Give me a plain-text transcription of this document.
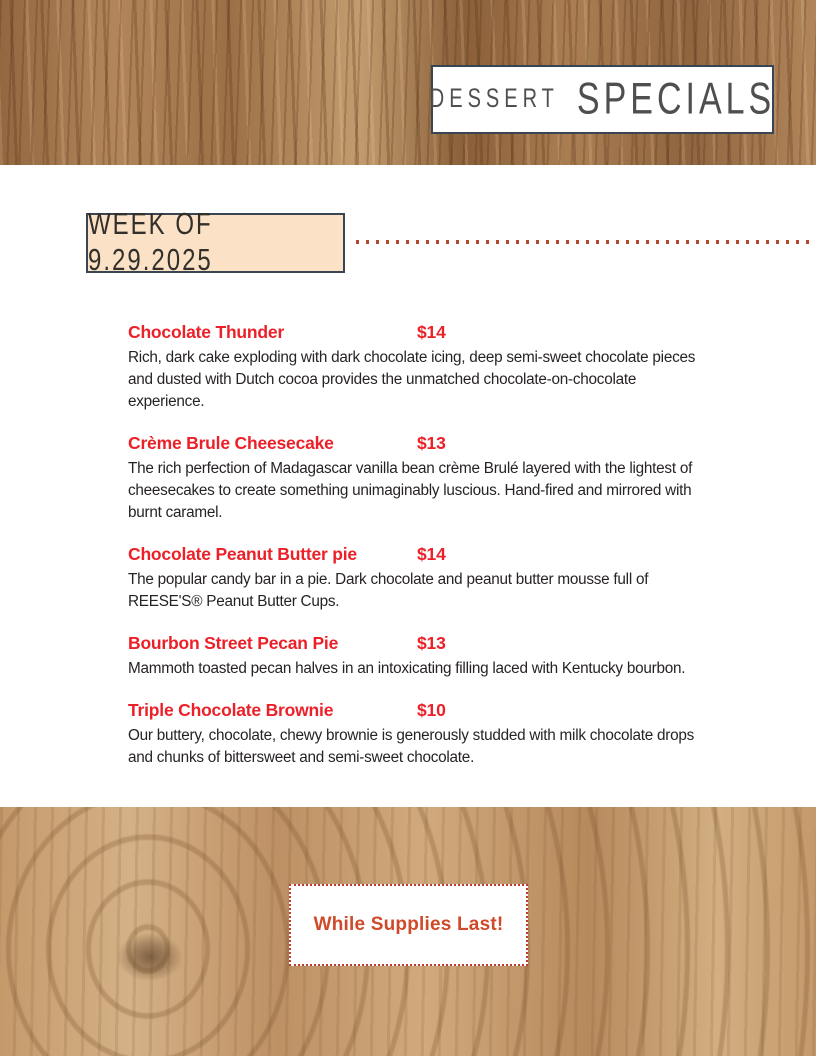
DESSERT SPECIALS
WEEK OF 9.29.2025
Chocolate Thunder	$14
Rich, dark cake exploding with dark chocolate icing, deep semi-sweet chocolate pieces and dusted with Dutch cocoa provides the unmatched chocolate-on-chocolate experience.
Crème Brule Cheesecake	$13
The rich perfection of Madagascar vanilla bean crème Brulé layered with the lightest of cheesecakes to create something unimaginably luscious. Hand-fired and mirrored with burnt caramel.
Chocolate Peanut Butter pie	$14
The popular candy bar in a pie. Dark chocolate and peanut butter mousse full of REESE'S® Peanut Butter Cups.
Bourbon Street Pecan Pie	$13
Mammoth toasted pecan halves in an intoxicating filling laced with Kentucky bourbon.
Triple Chocolate Brownie	$10
Our buttery, chocolate, chewy brownie is generously studded with milk chocolate drops and chunks of bittersweet and semi-sweet chocolate.
While Supplies Last!
